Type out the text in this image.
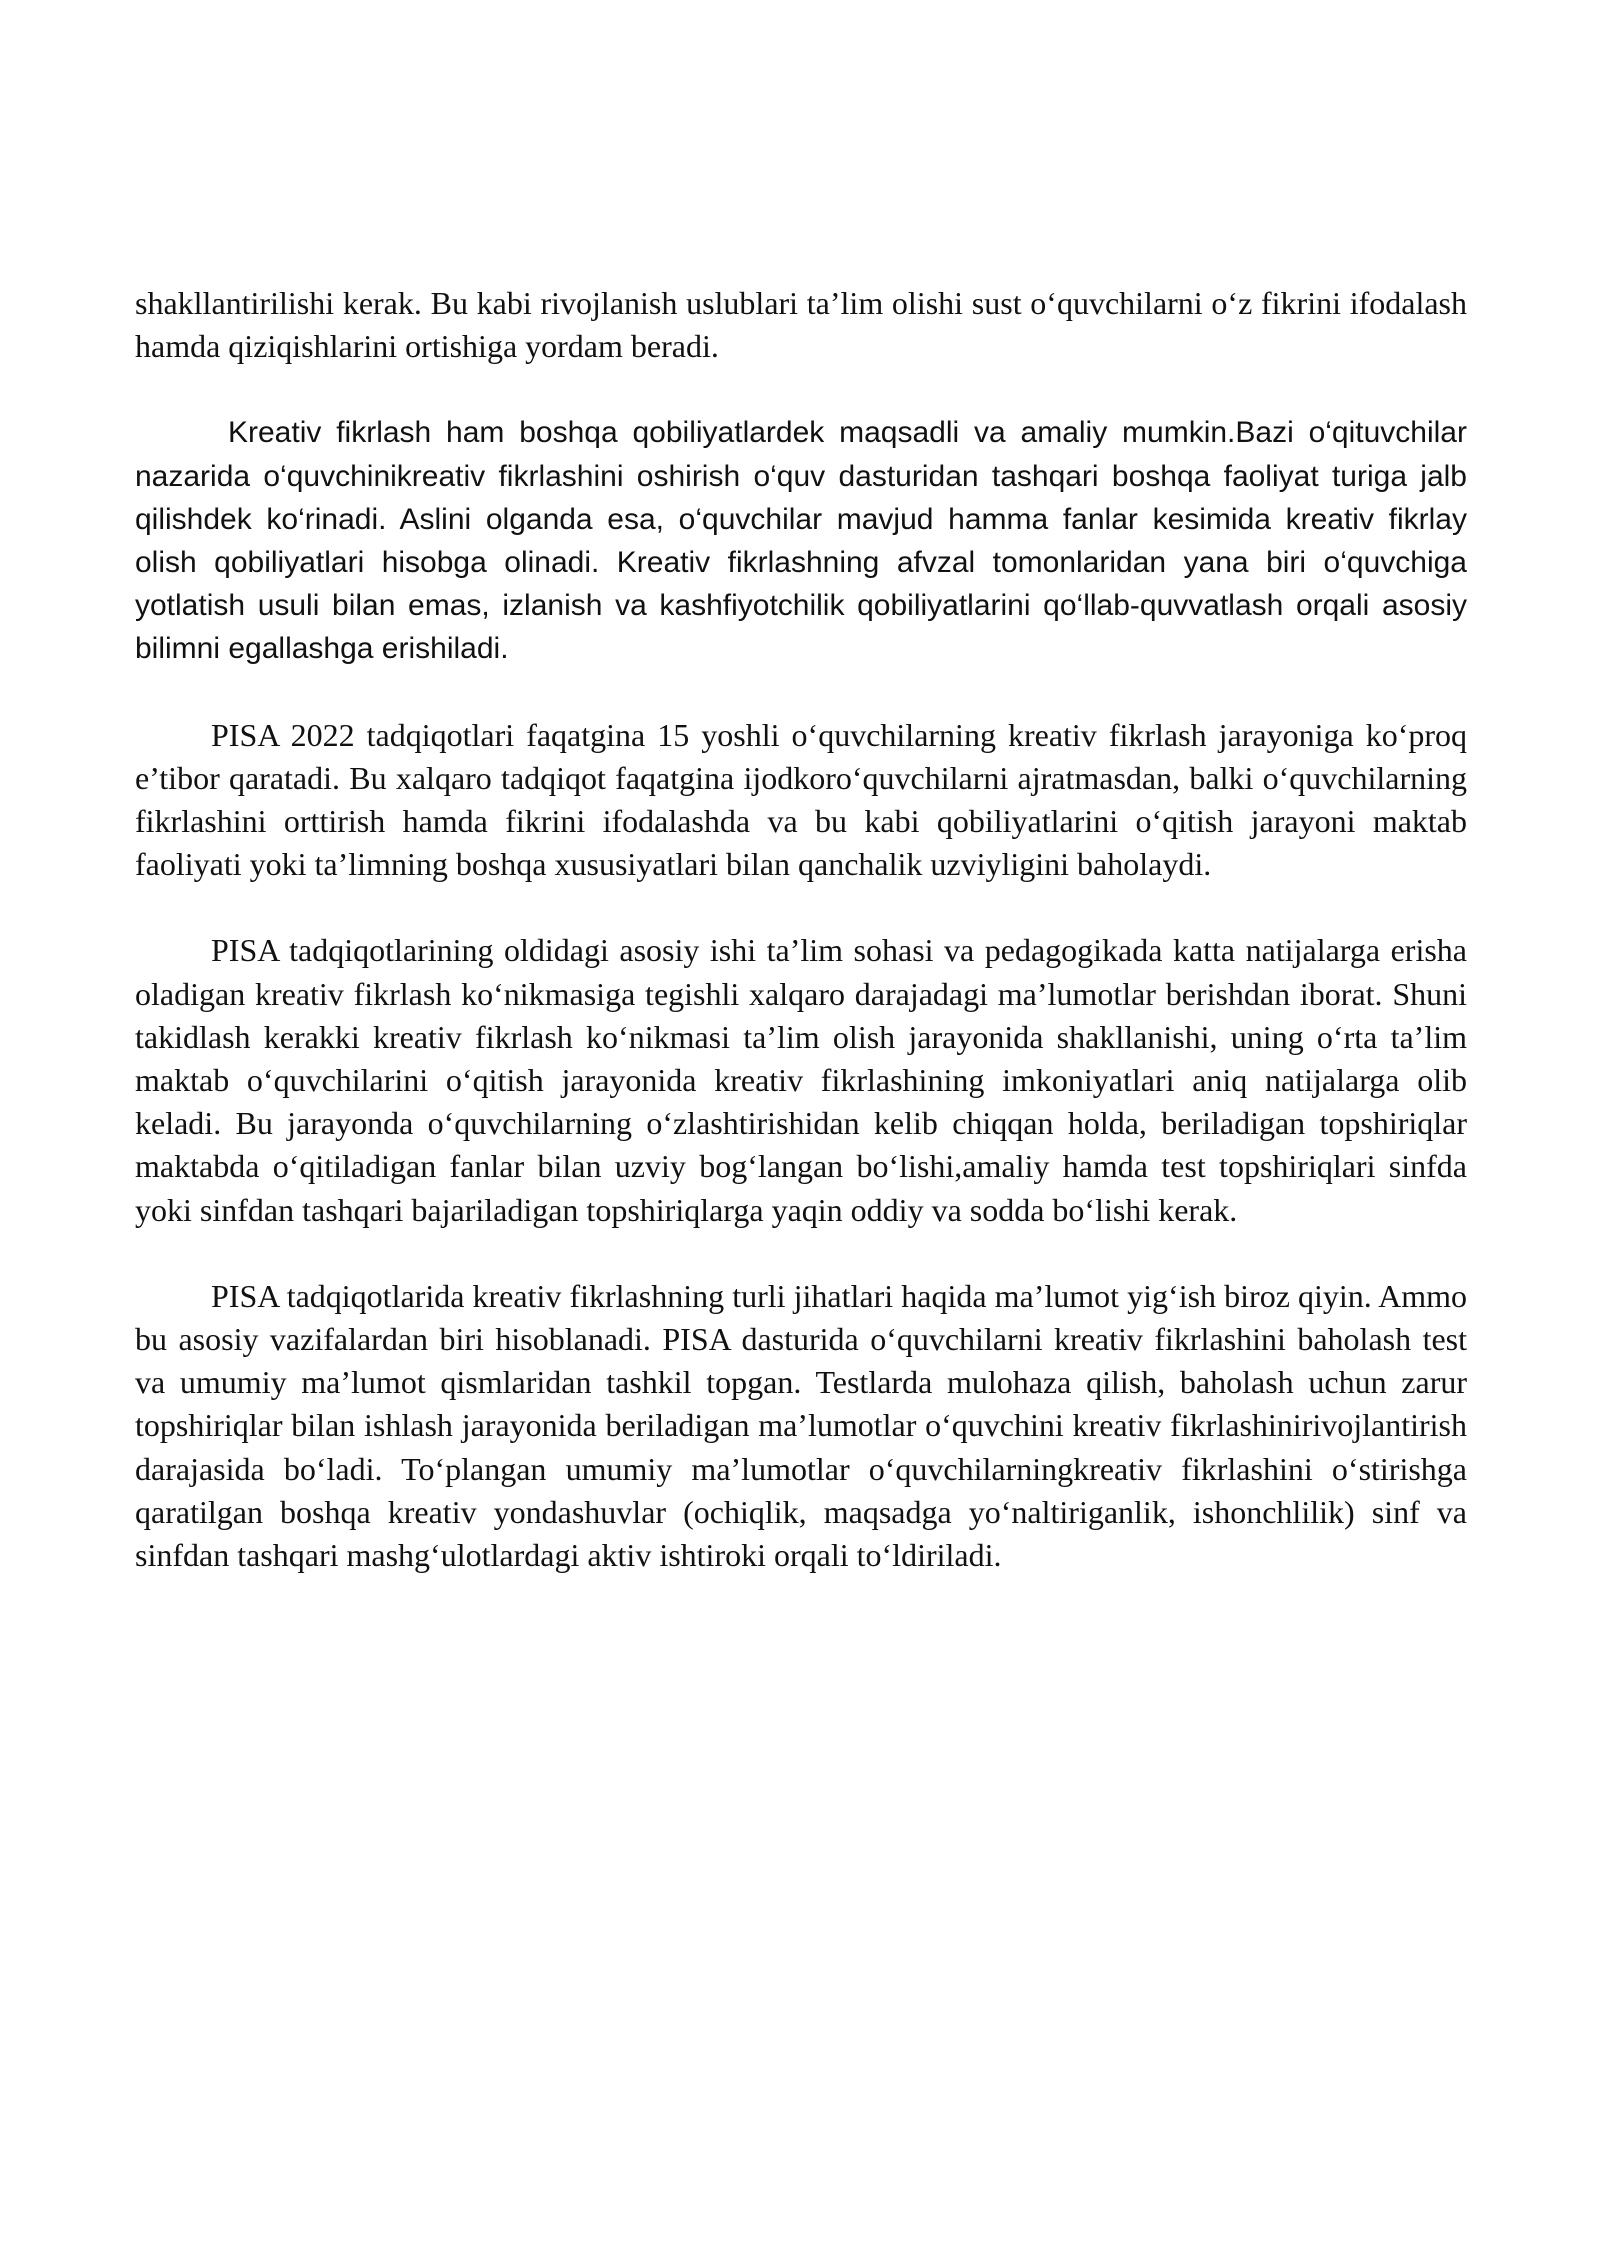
shakllantirilishi kerak. Bu kabi rivojlanish uslublari ta’lim olishi sust o‘quvchilarni o‘z fikrini ifodalash hamda qiziqishlarini ortishiga yordam beradi.

Kreativ fikrlash ham boshqa qobiliyatlardek maqsadli va amaliy mumkin.Bazi o‘qituvchilar nazarida o‘quvchinikreativ fikrlashini oshirish o‘quv dasturidan tashqari boshqa faoliyat turiga jalb qilishdek ko‘rinadi. Aslini olganda esa, o‘quvchilar mavjud hamma fanlar kesimida kreativ fikrlay olish qobiliyatlari hisobga olinadi. Kreativ fikrlashning afvzal tomonlaridan yana biri o‘quvchiga yotlatish usuli bilan emas, izlanish va kashfiyotchilik qobiliyatlarini qo‘llab-quvvatlash orqali asosiy bilimni egallashga erishiladi.

PISA 2022 tadqiqotlari faqatgina 15 yoshli o‘quvchilarning kreativ fikrlash jarayoniga ko‘proq e’tibor qaratadi. Bu xalqaro tadqiqot faqatgina ijodkoro‘quvchilarni ajratmasdan, balki o‘quvchilarning fikrlashini orttirish hamda fikrini ifodalashda va bu kabi qobiliyatlarini o‘qitish jarayoni maktab faoliyati yoki ta’limning boshqa xususiyatlari bilan qanchalik uzviyligini baholaydi.

PISA tadqiqotlarining oldidagi asosiy ishi ta’lim sohasi va pedagogikada katta natijalarga erisha oladigan kreativ fikrlash ko‘nikmasiga tegishli xalqaro darajadagi ma’lumotlar berishdan iborat. Shuni takidlash kerakki kreativ fikrlash ko‘nikmasi ta’lim olish jarayonida shakllanishi, uning o‘rta ta’lim maktab o‘quvchilarini o‘qitish jarayonida kreativ fikrlashining imkoniyatlari aniq natijalarga olib keladi. Bu jarayonda o‘quvchilarning o‘zlashtirishidan kelib chiqqan holda, beriladigan topshiriqlar maktabda o‘qitiladigan fanlar bilan uzviy bog‘langan bo‘lishi,amaliy hamda test topshiriqlari sinfda yoki sinfdan tashqari bajariladigan topshiriqlarga yaqin oddiy va sodda bo‘lishi kerak.

PISA tadqiqotlarida kreativ fikrlashning turli jihatlari haqida ma’lumot yig‘ish biroz qiyin. Ammo bu asosiy vazifalardan biri hisoblanadi. PISA dasturida o‘quvchilarni kreativ fikrlashini baholash test va umumiy ma’lumot qismlaridan tashkil topgan. Testlarda mulohaza qilish, baholash uchun zarur topshiriqlar bilan ishlash jarayonida beriladigan ma’lumotlar o‘quvchini kreativ fikrlashinirivojlantirish darajasida bo‘ladi. To‘plangan umumiy ma’lumotlar o‘quvchilarningkreativ fikrlashini o‘stirishga qaratilgan boshqa kreativ yondashuvlar (ochiqlik, maqsadga yo‘naltiriganlik, ishonchlilik) sinf va sinfdan tashqari mashg‘ulotlardagi aktiv ishtiroki orqali to‘ldiriladi.
